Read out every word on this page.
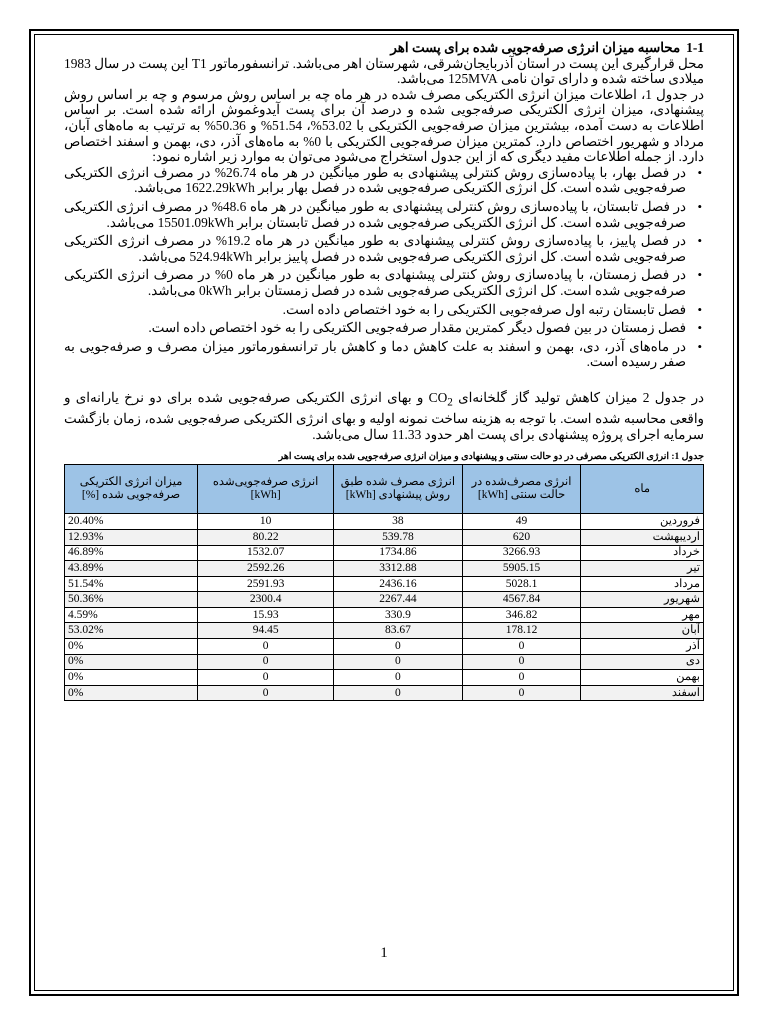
1-1محاسبه میزان انرژی صرفه‌جویی شده برای پست اهر

محل قرارگیری این پست در استان آذربایجان‌شرقی، شهرستان اهر می‌باشد. ترانسفورماتور T1 این پست در سال 1983 میلادی ساخته شده و دارای توان نامی 125MVA می‌باشد.

در جدول 1، اطلاعات میزان انرژی الکتریکی مصرف شده در هر ماه چه بر اساس روش مرسوم و چه بر اساس روش پیشنهادی، میزان انرژی الکتریکی صرفه‌جویی شده و درصد آن برای پست آیدوغموش ارائه شده است. بر اساس اطلاعات به دست آمده، بیشترین میزان صرفه‌جویی الکتریکی با 53.02%، 51.54% و 50.36% به ترتیب به ماه‌های آبان، مرداد و شهریور اختصاص دارد. کمترین میزان صرفه‌جویی الکتریکی با 0% به ماه‌های آذر، دی، بهمن و اسفند اختصاص دارد. از جمله اطلاعات مفید دیگری که از این جدول استخراج می‌شود می‌توان به موارد زیر اشاره نمود:

• در فصل بهار، با پیاده‌سازی روش کنترلی پیشنهادی به طور میانگین در هر ماه 26.74% در مصرف انرژی الکتریکی صرفه‌جویی شده است. کل انرژی الکتریکی صرفه‌جویی شده در فصل بهار برابر 1622.29kWh می‌باشد.
• در فصل تابستان، با پیاده‌سازی روش کنترلی پیشنهادی به طور میانگین در هر ماه 48.6% در مصرف انرژی الکتریکی صرفه‌جویی شده است. کل انرژی الکتریکی صرفه‌جویی شده در فصل تابستان برابر 15501.09kWh می‌باشد.
• در فصل پاییز، با پیاده‌سازی روش کنترلی پیشنهادی به طور میانگین در هر ماه 19.2% در مصرف انرژی الکتریکی صرفه‌جویی شده است. کل انرژی الکتریکی صرفه‌جویی شده در فصل پاییز برابر 524.94kWh می‌باشد.
• در فصل زمستان، با پیاده‌سازی روش کنترلی پیشنهادی به طور میانگین در هر ماه 0% در مصرف انرژی الکتریکی صرفه‌جویی شده است. کل انرژی الکتریکی صرفه‌جویی شده در فصل زمستان برابر 0kWh می‌باشد.
• فصل تابستان رتبه اول صرفه‌جویی الکتریکی را به خود اختصاص داده است.
• فصل زمستان در بین فصول دیگر کمترین مقدار صرفه‌جویی الکتریکی را به خود اختصاص داده است.
• در ماه‌های آذر، دی، بهمن و اسفند به علت کاهش دما و کاهش بار ترانسفورماتور میزان مصرف و صرفه‌جویی به صفر رسیده است.

در جدول 2 میزان کاهش تولید گاز گلخانه‌ای $CO_2$ و بهای انرژی الکتریکی صرفه‌جویی شده برای دو نرخ یارانه‌ای و واقعی محاسبه شده است. با توجه به هزینه ساخت نمونه اولیه و بهای انرژی الکتریکی صرفه‌جویی شده، زمان بازگشت سرمایه اجرای پروژه پیشنهادی برای پست اهر حدود 11.33 سال می‌باشد.

جدول 1: انرژی الکتریکی مصرفی در دو حالت سنتی و پیشنهادی و میزان انرژی صرفه‌جویی شده برای پست اهر
ماه	انرژی مصرف‌شده در حالت سنتی [kWh]	انرژی مصرف شده طبق روش پیشنهادی [kWh]	انرژی صرفه‌جویی‌شده [kWh]	میزان انرژی الکتریکی صرفه‌جویی شده [%]
فروردین	49	38	10	20.40%
اردیبهشت	620	539.78	80.22	12.93%
خرداد	3266.93	1734.86	1532.07	46.89%
تیر	5905.15	3312.88	2592.26	43.89%
مرداد	5028.1	2436.16	2591.93	51.54%
شهریور	4567.84	2267.44	2300.4	50.36%
مهر	346.82	330.9	15.93	4.59%
آبان	178.12	83.67	94.45	53.02%
آذر	0	0	0	0%
دی	0	0	0	0%
بهمن	0	0	0	0%
اسفند	0	0	0	0%
1
